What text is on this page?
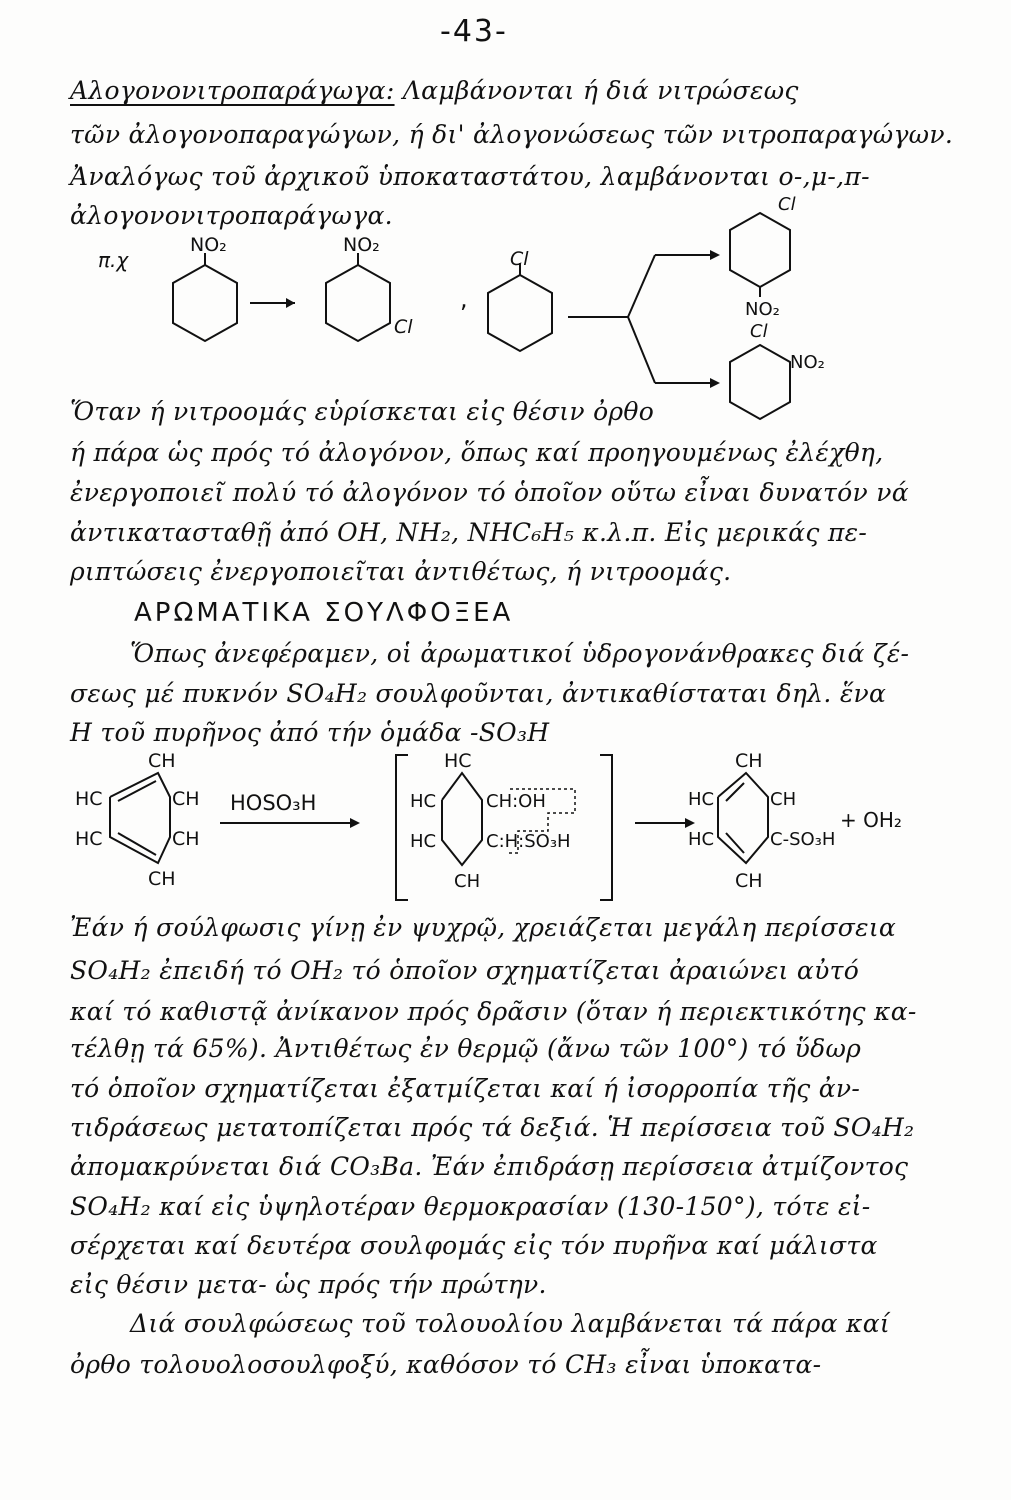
-43-
Αλογονονιτροπαράγωγα: Λαμβάνονται ή διά νιτρώσεως
τῶν ἀλογονοπαραγώγων, ή δι' ἀλογονώσεως τῶν νιτροπαραγώγων.
Ἀναλόγως τοῦ ἀρχικοῦ ὑποκαταστάτου, λαμβάνονται ο-,μ-,π-
ἀλογονονιτροπαράγωγα.
π.χ
NO₂	NO₂
Cl
,
Cl
Cl
NO₂
Cl
NO₂
Ὅταν ή νιτροομάς εὑρίσκεται εἰς θέσιν ὀρθο
ή πάρα ὡς πρός τό ἀλογόνον, ὅπως καί προηγουμένως ἐλέχθη,
ἐνεργοποιεῖ πολύ τό ἀλογόνον τό ὁποῖον οὕτω εἶναι δυνατόν νά
ἀντικατασταθῇ ἀπό OH, NH₂, NHC₆H₅ κ.λ.π. Εἰς μερικάς πε-
ριπτώσεις ἐνεργοποιεῖται ἀντιθέτως, ή νιτροομάς.
ΑΡΩΜΑΤΙΚΑ ΣΟΥΛΦΟΞΕΑ
Ὅπως ἀνεφέραμεν, οἱ ἀρωματικοί ὑδρογονάνθρακες διά ζέ-
σεως μέ πυκνόν SO₄H₂ σουλφοῦνται, ἀντικαθίσταται δηλ. ἕνα
H τοῦ πυρῆνος ἀπό τήν ὁμάδα -SO₃H
CH
HC
HC
CH
CH
CH
HOSO₃H
HC
HC
HC
CH:OH
C:H:SO₃H
CH
CH
HC
HC
CH
C-SO₃H
CH
+ OH₂
Ἐάν ή σούλφωσις γίνῃ ἐν ψυχρῷ, χρειάζεται μεγάλη περίσσεια
SO₄H₂ ἐπειδή τό OH₂ τό ὁποῖον σχηματίζεται ἀραιώνει αὐτό
καί τό καθιστᾷ ἀνίκανον πρός δρᾶσιν (ὅταν ή περιεκτικότης κα-
τέλθῃ τά 65%). Ἀντιθέτως ἐν θερμῷ (ἄνω τῶν 100°) τό ὕδωρ
τό ὁποῖον σχηματίζεται ἐξατμίζεται καί ή ἰσορροπία τῆς ἀν-
τιδράσεως μετατοπίζεται πρός τά δεξιά. Ἡ περίσσεια τοῦ SO₄H₂
ἀπομακρύνεται διά CO₃Ba. Ἐάν ἐπιδράσῃ περίσσεια ἀτμίζοντος
SO₄H₂ καί εἰς ὑψηλοτέραν θερμοκρασίαν (130-150°), τότε εἰ-
σέρχεται καί δευτέρα σουλφομάς εἰς τόν πυρῆνα καί μάλιστα
εἰς θέσιν μετα- ὡς πρός τήν πρώτην.
Διά σουλφώσεως τοῦ τολουολίου λαμβάνεται τά πάρα καί
ὀρθο τολουολοσουλφοξύ, καθόσον τό CH₃ εἶναι ὑποκατα-
